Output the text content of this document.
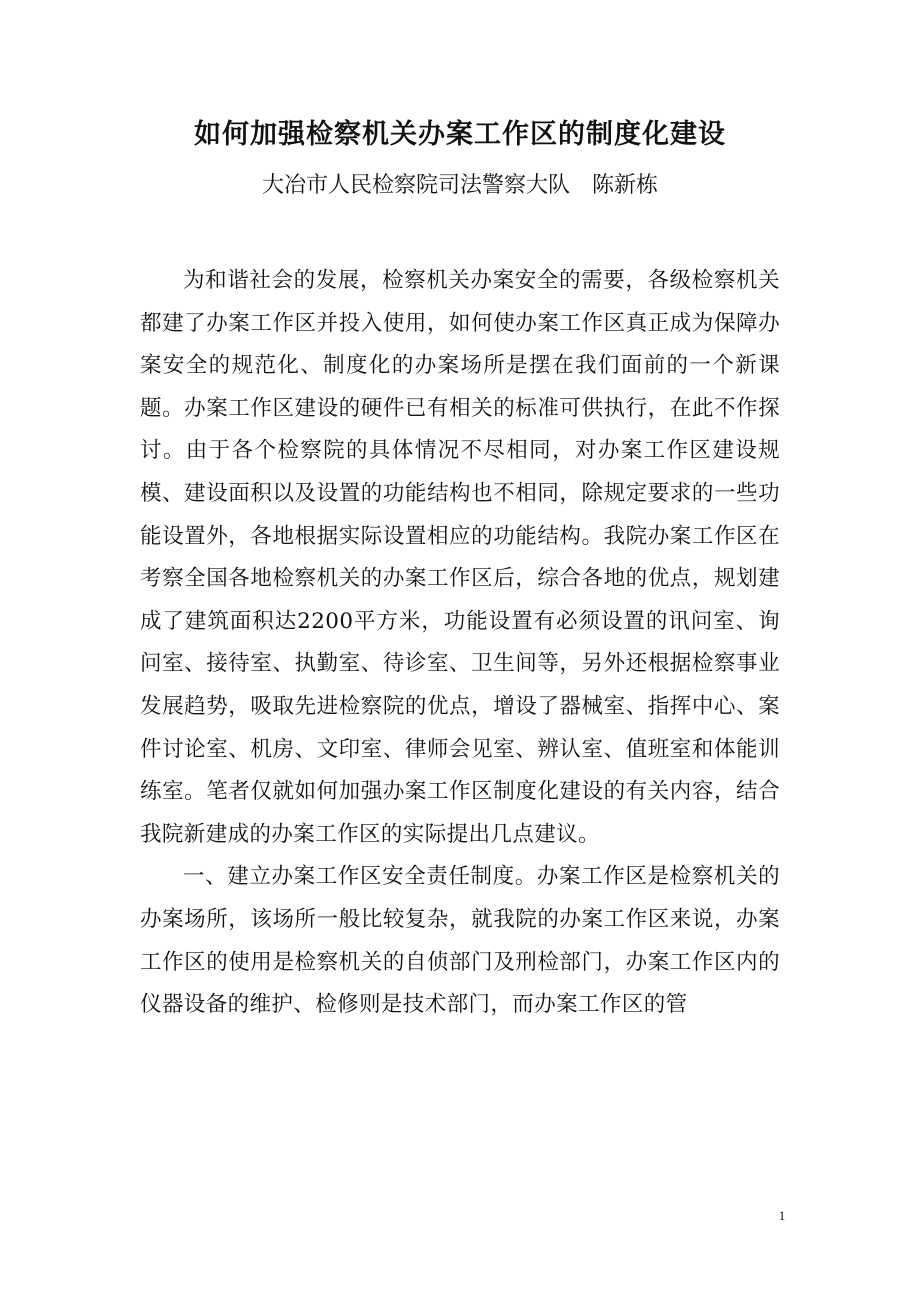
如何加强检察机关办案工作区的制度化建设
大冶市人民检察院司法警察大队　陈新栋

为和谐社会的发展，检察机关办案安全的需要，各级检察机关都建了办案工作区并投入使用，如何使办案工作区真正成为保障办案安全的规范化、制度化的办案场所是摆在我们面前的一个新课题。办案工作区建设的硬件已有相关的标准可供执行，在此不作探讨。由于各个检察院的具体情况不尽相同，对办案工作区建设规模、建设面积以及设置的功能结构也不相同，除规定要求的一些功能设置外，各地根据实际设置相应的功能结构。我院办案工作区在考察全国各地检察机关的办案工作区后，综合各地的优点，规划建成了建筑面积达2200平方米，功能设置有必须设置的讯问室、询问室、接待室、执勤室、待诊室、卫生间等，另外还根据检察事业发展趋势，吸取先进检察院的优点，增设了器械室、指挥中心、案件讨论室、机房、文印室、律师会见室、辨认室、值班室和体能训练室。笔者仅就如何加强办案工作区制度化建设的有关内容，结合我院新建成的办案工作区的实际提出几点建议。

一、建立办案工作区安全责任制度。办案工作区是检察机关的办案场所，该场所一般比较复杂，就我院的办案工作区来说，办案工作区的使用是检察机关的自侦部门及刑检部门，办案工作区内的仪器设备的维护、检修则是技术部门，而办案工作区的管

1
